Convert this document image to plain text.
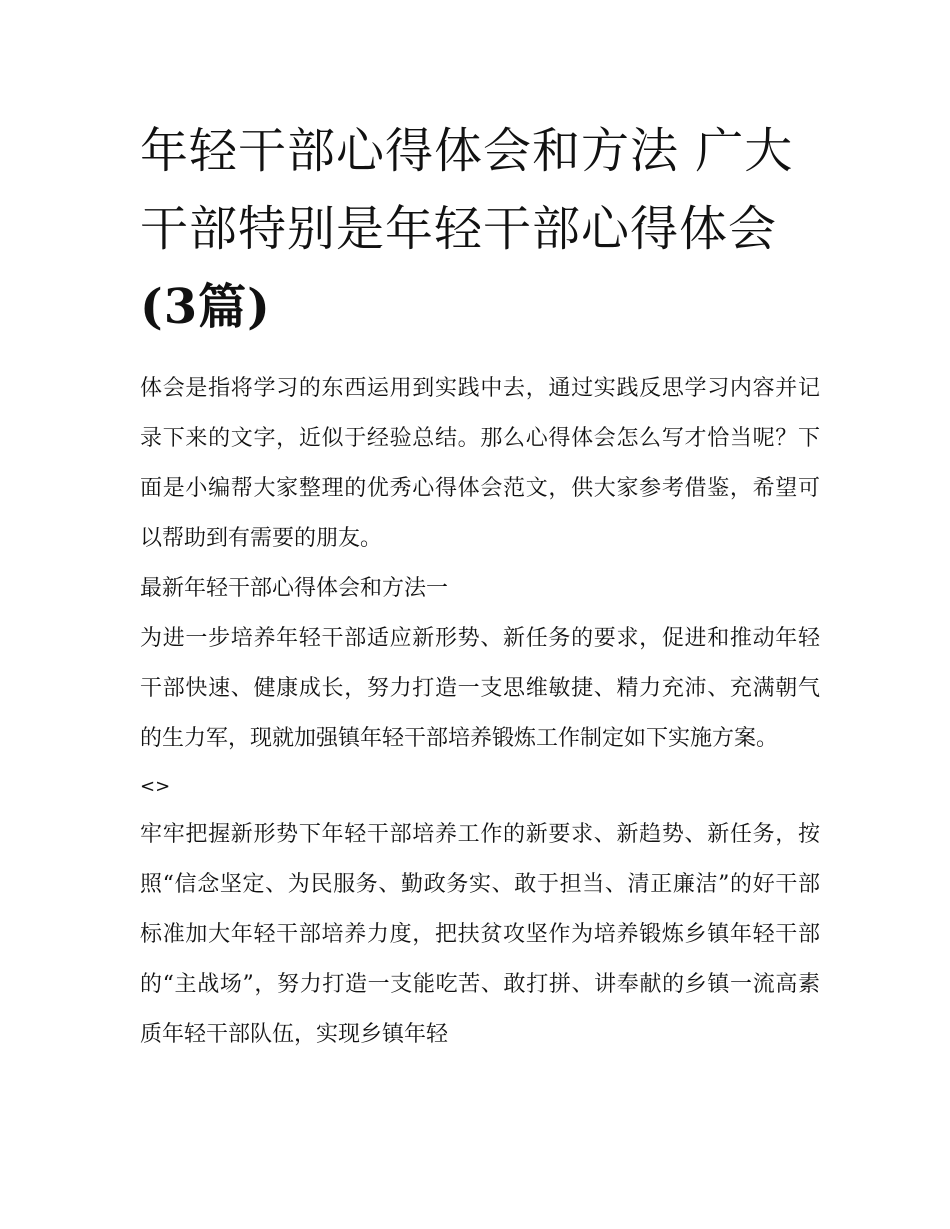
年轻干部心得体会和方法 广大干部特别是年轻干部心得体会(3篇)

体会是指将学习的东西运用到实践中去，通过实践反思学习内容并记录下来的文字，近似于经验总结。那么心得体会怎么写才恰当呢？下面是小编帮大家整理的优秀心得体会范文，供大家参考借鉴，希望可以帮助到有需要的朋友。

最新年轻干部心得体会和方法一

为进一步培养年轻干部适应新形势、新任务的要求，促进和推动年轻干部快速、健康成长，努力打造一支思维敏捷、精力充沛、充满朝气的生力军，现就加强镇年轻干部培养锻炼工作制定如下实施方案。

<>

牢牢把握新形势下年轻干部培养工作的新要求、新趋势、新任务，按照“信念坚定、为民服务、勤政务实、敢于担当、清正廉洁”的好干部标准加大年轻干部培养力度，把扶贫攻坚作为培养锻炼乡镇年轻干部的“主战场”，努力打造一支能吃苦、敢打拼、讲奉献的乡镇一流高素质年轻干部队伍，实现乡镇年轻
